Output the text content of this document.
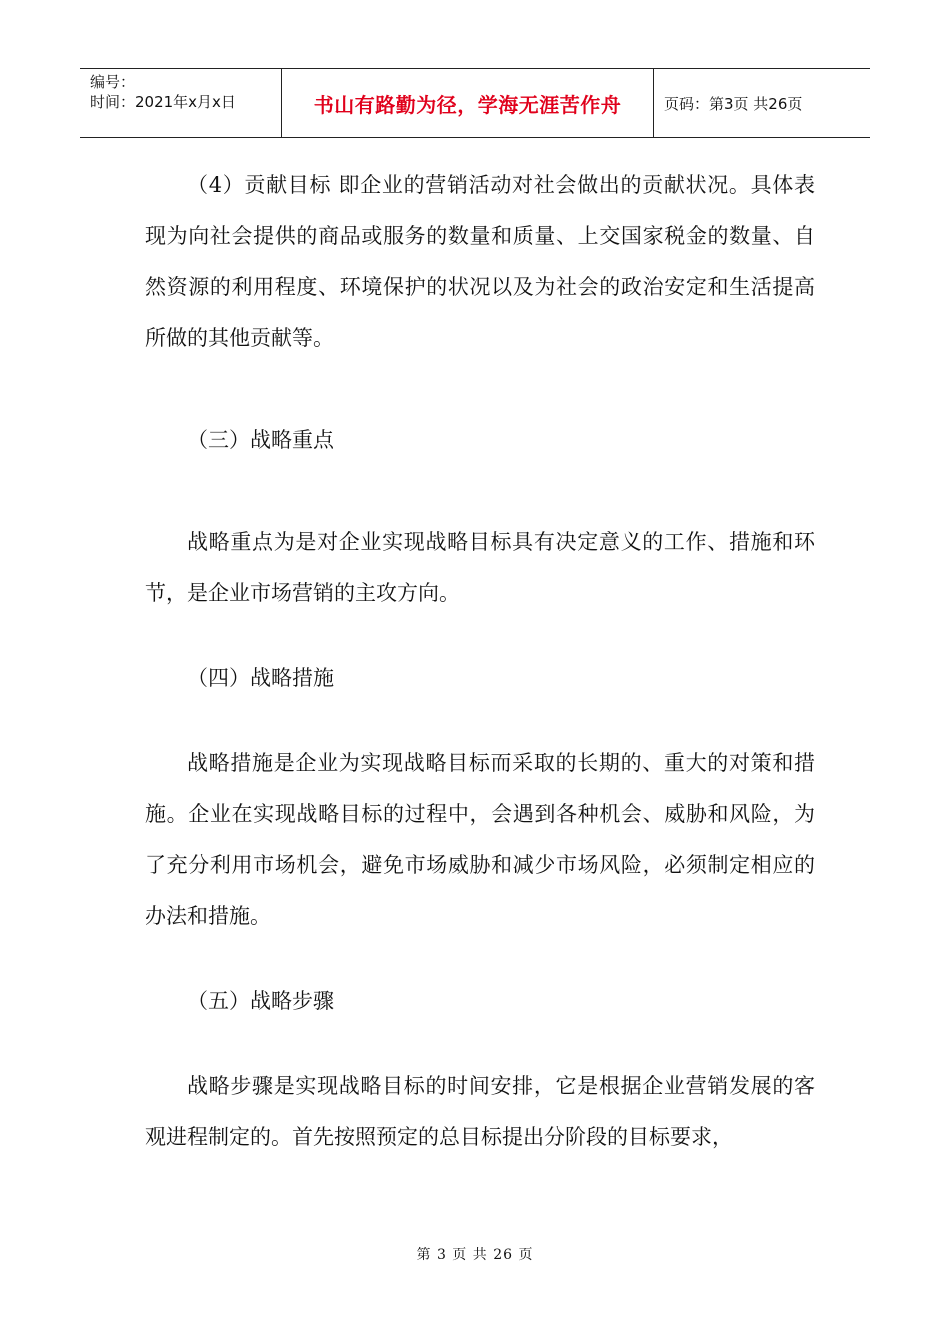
编号：
时间：2021年x月x日	书山有路勤为径，学海无涯苦作舟	页码：第3页 共26页

（4）贡献目标 即企业的营销活动对社会做出的贡献状况。具体表现为向社会提供的商品或服务的数量和质量、上交国家税金的数量、自然资源的利用程度、环境保护的状况以及为社会的政治安定和生活提高所做的其他贡献等。

（三）战略重点

战略重点为是对企业实现战略目标具有决定意义的工作、措施和环节，是企业市场营销的主攻方向。

（四）战略措施

战略措施是企业为实现战略目标而采取的长期的、重大的对策和措施。企业在实现战略目标的过程中，会遇到各种机会、威胁和风险，为了充分利用市场机会，避免市场威胁和减少市场风险，必须制定相应的办法和措施。

（五）战略步骤

战略步骤是实现战略目标的时间安排，它是根据企业营销发展的客观进程制定的。首先按照预定的总目标提出分阶段的目标要求，

第 3 页 共 26 页
